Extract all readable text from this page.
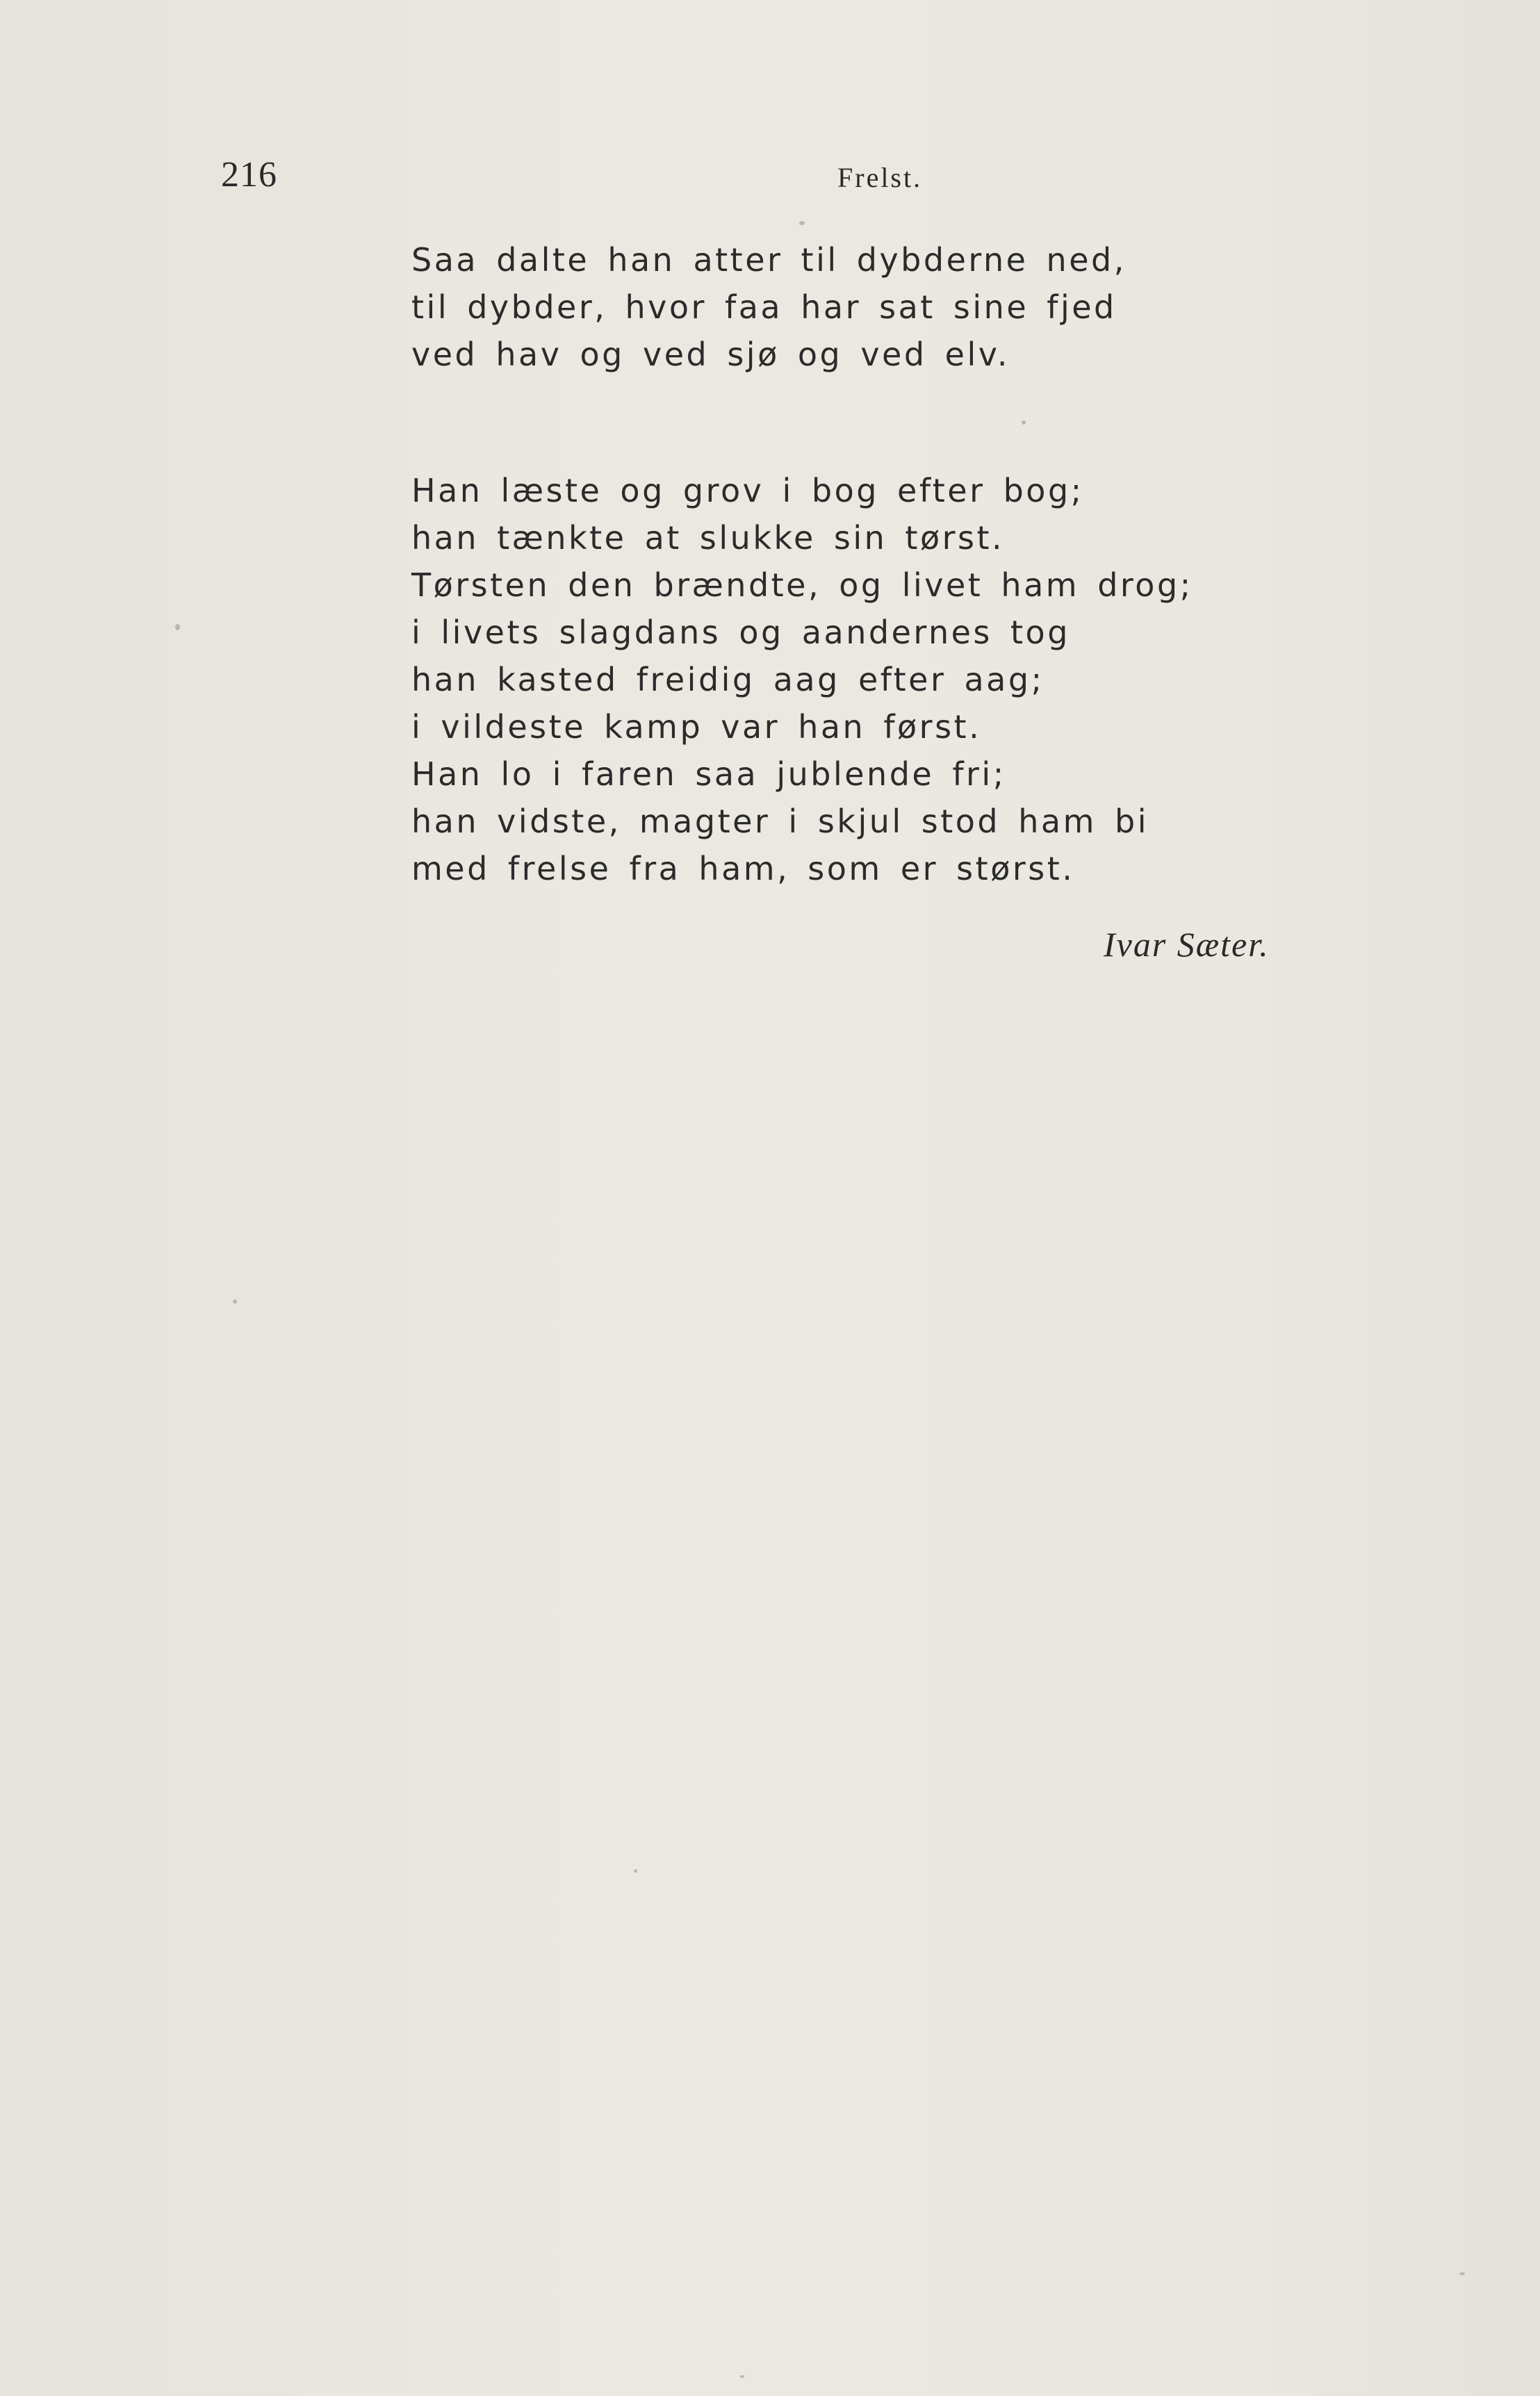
216	Frelst.
Saa dalte han atter til dybderne ned,
til dybder, hvor faa har sat sine fjed
ved hav og ved sjø og ved elv.
Han læste og grov i bog efter bog;
han tænkte at slukke sin tørst.
Tørsten den brændte, og livet ham drog;
i livets slagdans og aandernes tog
han kasted freidig aag efter aag;
i vildeste kamp var han først.
Han lo i faren saa jublende fri;
han vidste, magter i skjul stod ham bi
med frelse fra ham, som er størst.
Ivar Sæter.
